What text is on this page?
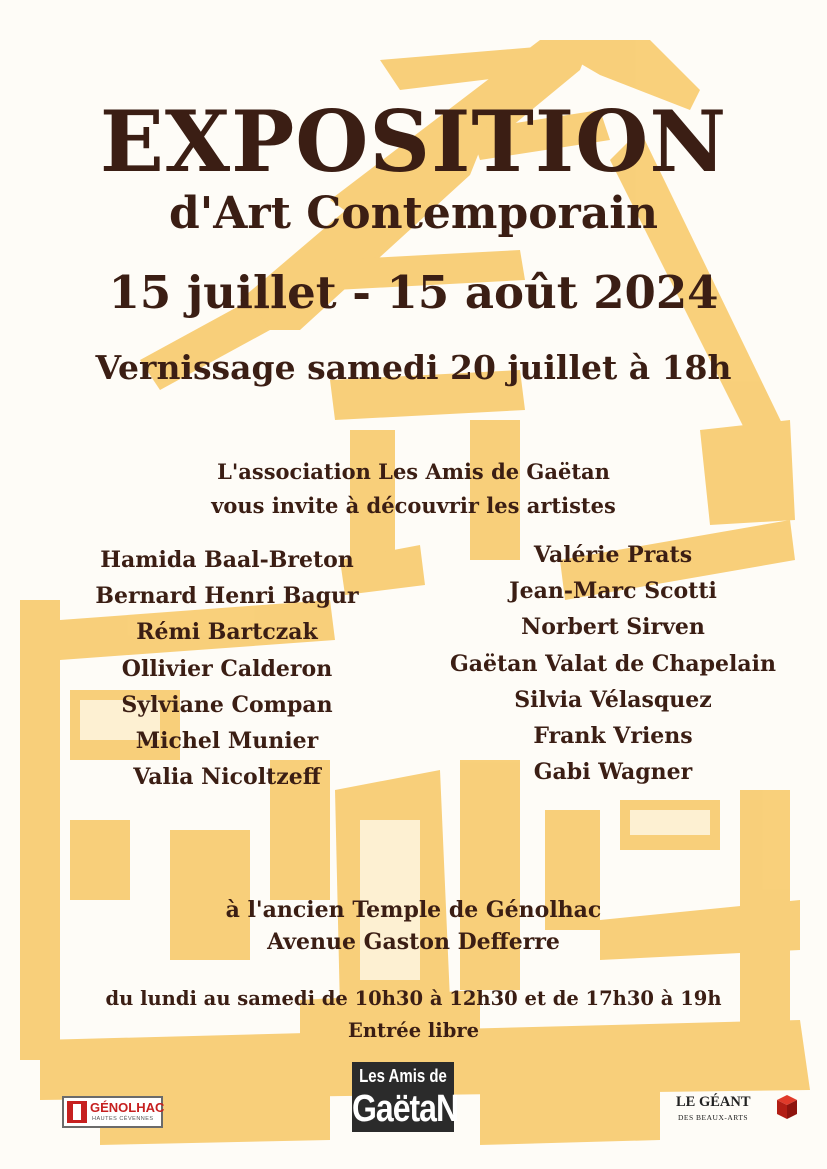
EXPOSITION
d'Art Contemporain
15 juillet - 15 août 2024
Vernissage samedi 20 juillet à 18h
L'association Les Amis de Gaëtan
vous invite à découvrir les artistes
Hamida Baal-Breton
Bernard Henri Bagur
Rémi Bartczak
Ollivier Calderon
Sylviane Compan
Michel Munier
Valia Nicoltzeff
Valérie Prats
Jean-Marc Scotti
Norbert Sirven
Gaëtan Valat de Chapelain
Silvia Vélasquez
Frank Vriens
Gabi Wagner
à l'ancien Temple de Génolhac
Avenue Gaston Defferre
du lundi au samedi de 10h30 à 12h30 et de 17h30 à 19h
Entrée libre
GÉNOLHAC
HAUTES CÉVENNES
Les Amis de
GaëtaN	LE GÉANT
DES BEAUX-ARTS
